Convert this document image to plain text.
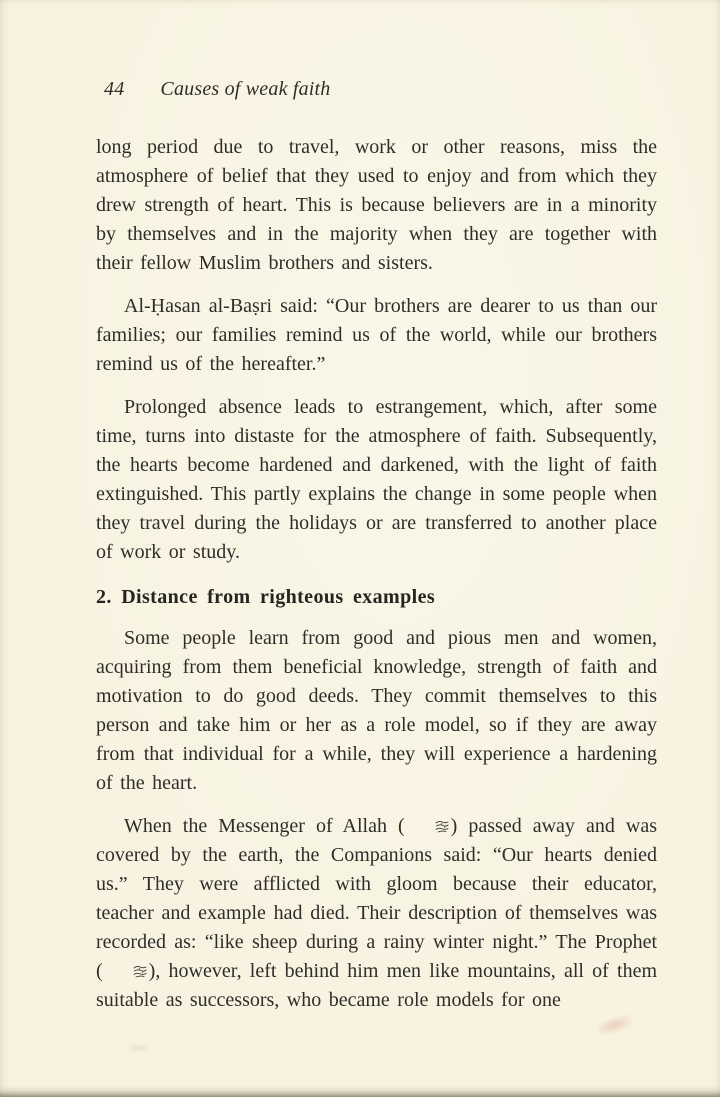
44 Causes of weak faith

long period due to travel, work or other reasons, miss the atmosphere of belief that they used to enjoy and from which they drew strength of heart. This is because believers are in a minority by themselves and in the majority when they are together with their fellow Muslim brothers and sisters.

Al-Ḥasan al-Baṣri said: “Our brothers are dearer to us than our families; our families remind us of the world, while our brothers remind us of the hereafter.”

Prolonged absence leads to estrangement, which, after some time, turns into distaste for the atmosphere of faith. Subsequently, the hearts become hardened and darkened, with the light of faith extinguished. This partly explains the change in some people when they travel during the holidays or are transferred to another place of work or study.

2. Distance from righteous examples

Some people learn from good and pious men and women, acquiring from them beneficial knowledge, strength of faith and motivation to do good deeds. They commit themselves to this person and take him or her as a role model, so if they are away from that individual for a while, they will experience a hardening of the heart.

When the Messenger of Allah ( ) passed away and was covered by the earth, the Companions said: “Our hearts denied us.” They were afflicted with gloom because their educator, teacher and example had died. Their description of themselves was recorded as: “like sheep during a rainy winter night.” The Prophet ( ), however, left behind him men like mountains, all of them suitable as successors, who became role models for one
